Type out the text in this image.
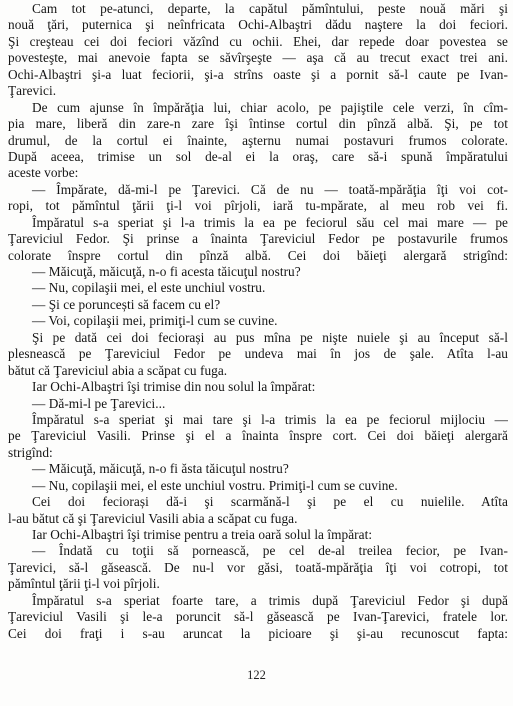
Cam tot pe-atunci, departe, la capătul pămîntului, peste nouă mări şi
nouă ţări, puternica şi neînfricata Ochi-Albaştri dădu naştere la doi feciori.
Şi creşteau cei doi feciori văzînd cu ochii. Ehei, dar repede doar povestea se
povesteşte, mai anevoie fapta se săvîrşeşte — aşa că au trecut exact trei ani.
Ochi-Albaştri şi-a luat feciorii, şi-a strîns oaste şi a pornit să-l caute pe Ivan-
Ţarevici.
De cum ajunse în împărăţia lui, chiar acolo, pe pajiştile cele verzi, în cîm-
pia mare, liberă din zare-n zare îşi întinse cortul din pînză albă. Şi, pe tot
drumul, de la cortul ei înainte, aşternu numai postavuri frumos colorate.
După aceea, trimise un sol de-al ei la oraş, care să-i spună împăratului
aceste vorbe:
— Împărate, dă-mi-l pe Ţarevici. Că de nu — toată-mpărăţia îţi voi cot-
ropi, tot pămîntul ţării ţi-l voi pîrjoli, iară tu-mpărate, al meu rob vei fi.
Împăratul s-a speriat şi l-a trimis la ea pe feciorul său cel mai mare — pe
Ţareviciul Fedor. Şi prinse a înainta Ţareviciul Fedor pe postavurile frumos
colorate înspre cortul din pînză albă. Cei doi băieţi alergară strigînd:
— Măicuţă, măicuţă, n-o fi acesta tăicuţul nostru?
— Nu, copilaşii mei, el este unchiul vostru.
— Şi ce poruncești să facem cu el?
— Voi, copilaşii mei, primiţi-l cum se cuvine.
Şi pe dată cei doi feciorași au pus mîna pe nişte nuiele şi au început să-l
plesnească pe Ţareviciul Fedor pe undeva mai în jos de şale. Atîta l-au
bătut că Ţareviciul abia a scăpat cu fuga.
Iar Ochi-Albaştri îşi trimise din nou solul la împărat:
— Dă-mi-l pe Ţarevici...
Împăratul s-a speriat şi mai tare şi l-a trimis la ea pe feciorul mijlociu —
pe Ţareviciul Vasili. Prinse şi el a înainta înspre cort. Cei doi băieţi alergară
strigînd:
— Măicuţă, măicuţă, n-o fi ăsta tăicuţul nostru?
— Nu, copilaşii mei, el este unchiul vostru. Primiţi-l cum se cuvine.
Cei doi feciorași dă-i şi scarmănă-l şi pe el cu nuielile. Atîta
l-au bătut că şi Ţareviciul Vasili abia a scăpat cu fuga.
Iar Ochi-Albaştri îşi trimise pentru a treia oară solul la împărat:
— Îndată cu toţii să pornească, pe cel de-al treilea fecior, pe Ivan-
Ţarevici, să-l găsească. De nu-l vor găsi, toată-mpărăţia îţi voi cotropi, tot
pămîntul ţării ţi-l voi pîrjoli.
Împăratul s-a speriat foarte tare, a trimis după Ţareviciul Fedor şi după
Ţareviciul Vasili şi le-a poruncit să-l găsească pe Ivan-Ţarevici, fratele lor.
Cei doi fraţi i s-au aruncat la picioare şi şi-au recunoscut fapta:
122
